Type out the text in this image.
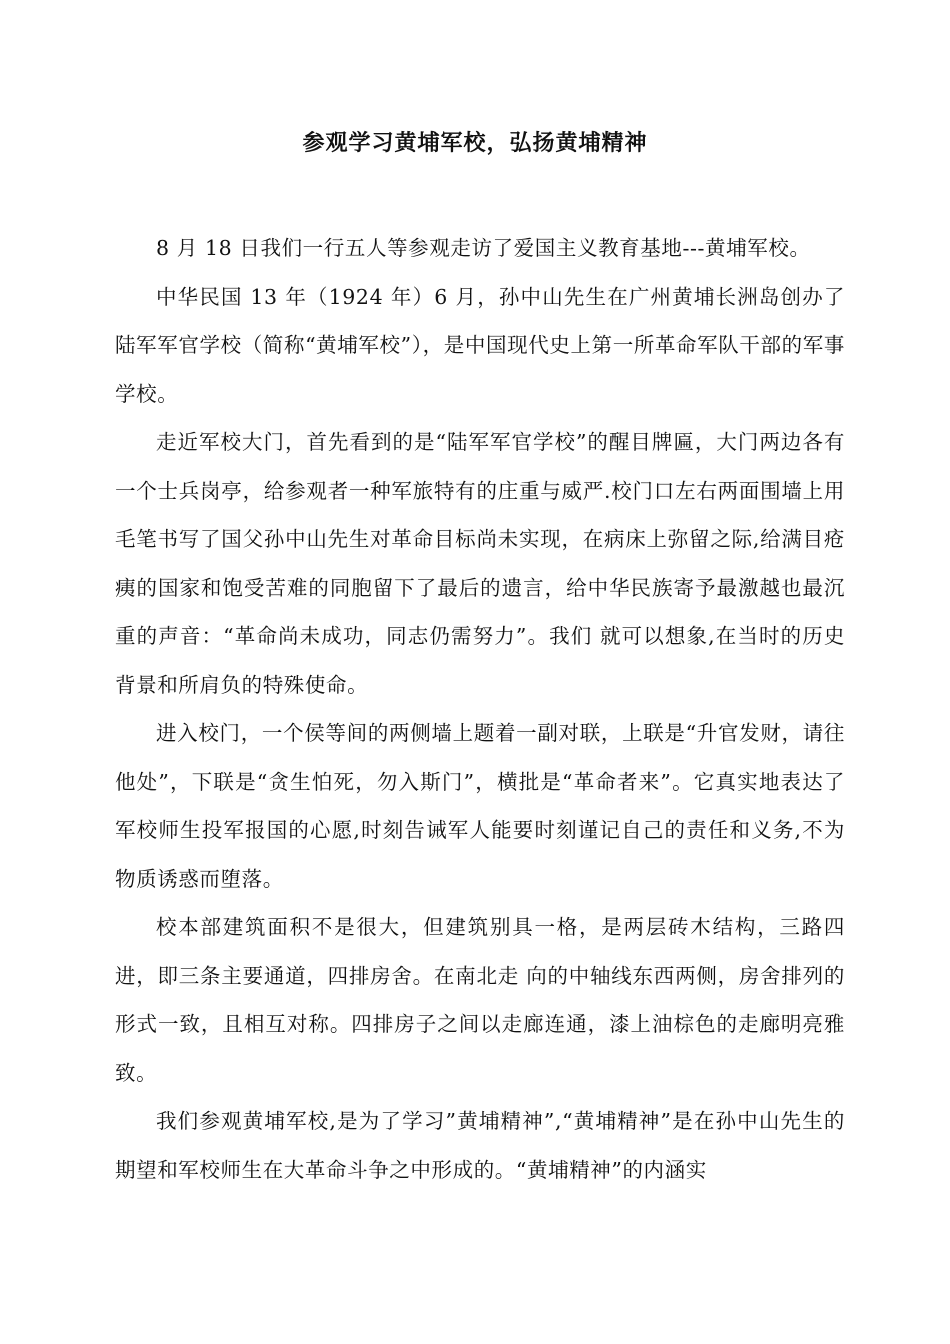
参观学习黄埔军校，弘扬黄埔精神

8 月 18 日我们一行五人等参观走访了爱国主义教育基地---黄埔军校。

中华民国 13 年（1924 年）6 月，孙中山先生在广州黄埔长洲岛创办了陆军军官学校（简称“黄埔军校”），是中国现代史上第一所革命军队干部的军事学校。

走近军校大门，首先看到的是“陆军军官学校”的醒目牌匾，大门两边各有一个士兵岗亭，给参观者一种军旅特有的庄重与威严.校门口左右两面围墙上用毛笔书写了国父孙中山先生对革命目标尚未实现，在病床上弥留之际,给满目疮痍的国家和饱受苦难的同胞留下了最后的遗言，给中华民族寄予最激越也最沉重的声音：“革命尚未成功，同志仍需努力”。我们 就可以想象,在当时的历史背景和所肩负的特殊使命。

进入校门，一个侯等间的两侧墙上题着一副对联，上联是“升官发财，请往他处”，下联是“贪生怕死，勿入斯门”，横批是“革命者来”。它真实地表达了军校师生投军报国的心愿,时刻告诫军人能要时刻谨记自己的责任和义务,不为物质诱惑而堕落。

校本部建筑面积不是很大，但建筑别具一格，是两层砖木结构，三路四进，即三条主要通道，四排房舍。在南北走 向的中轴线东西两侧，房舍排列的形式一致，且相互对称。四排房子之间以走廊连通，漆上油棕色的走廊明亮雅致。

我们参观黄埔军校,是为了学习”黄埔精神”,“黄埔精神”是在孙中山先生的期望和军校师生在大革命斗争之中形成的。“黄埔精神”的内涵实
